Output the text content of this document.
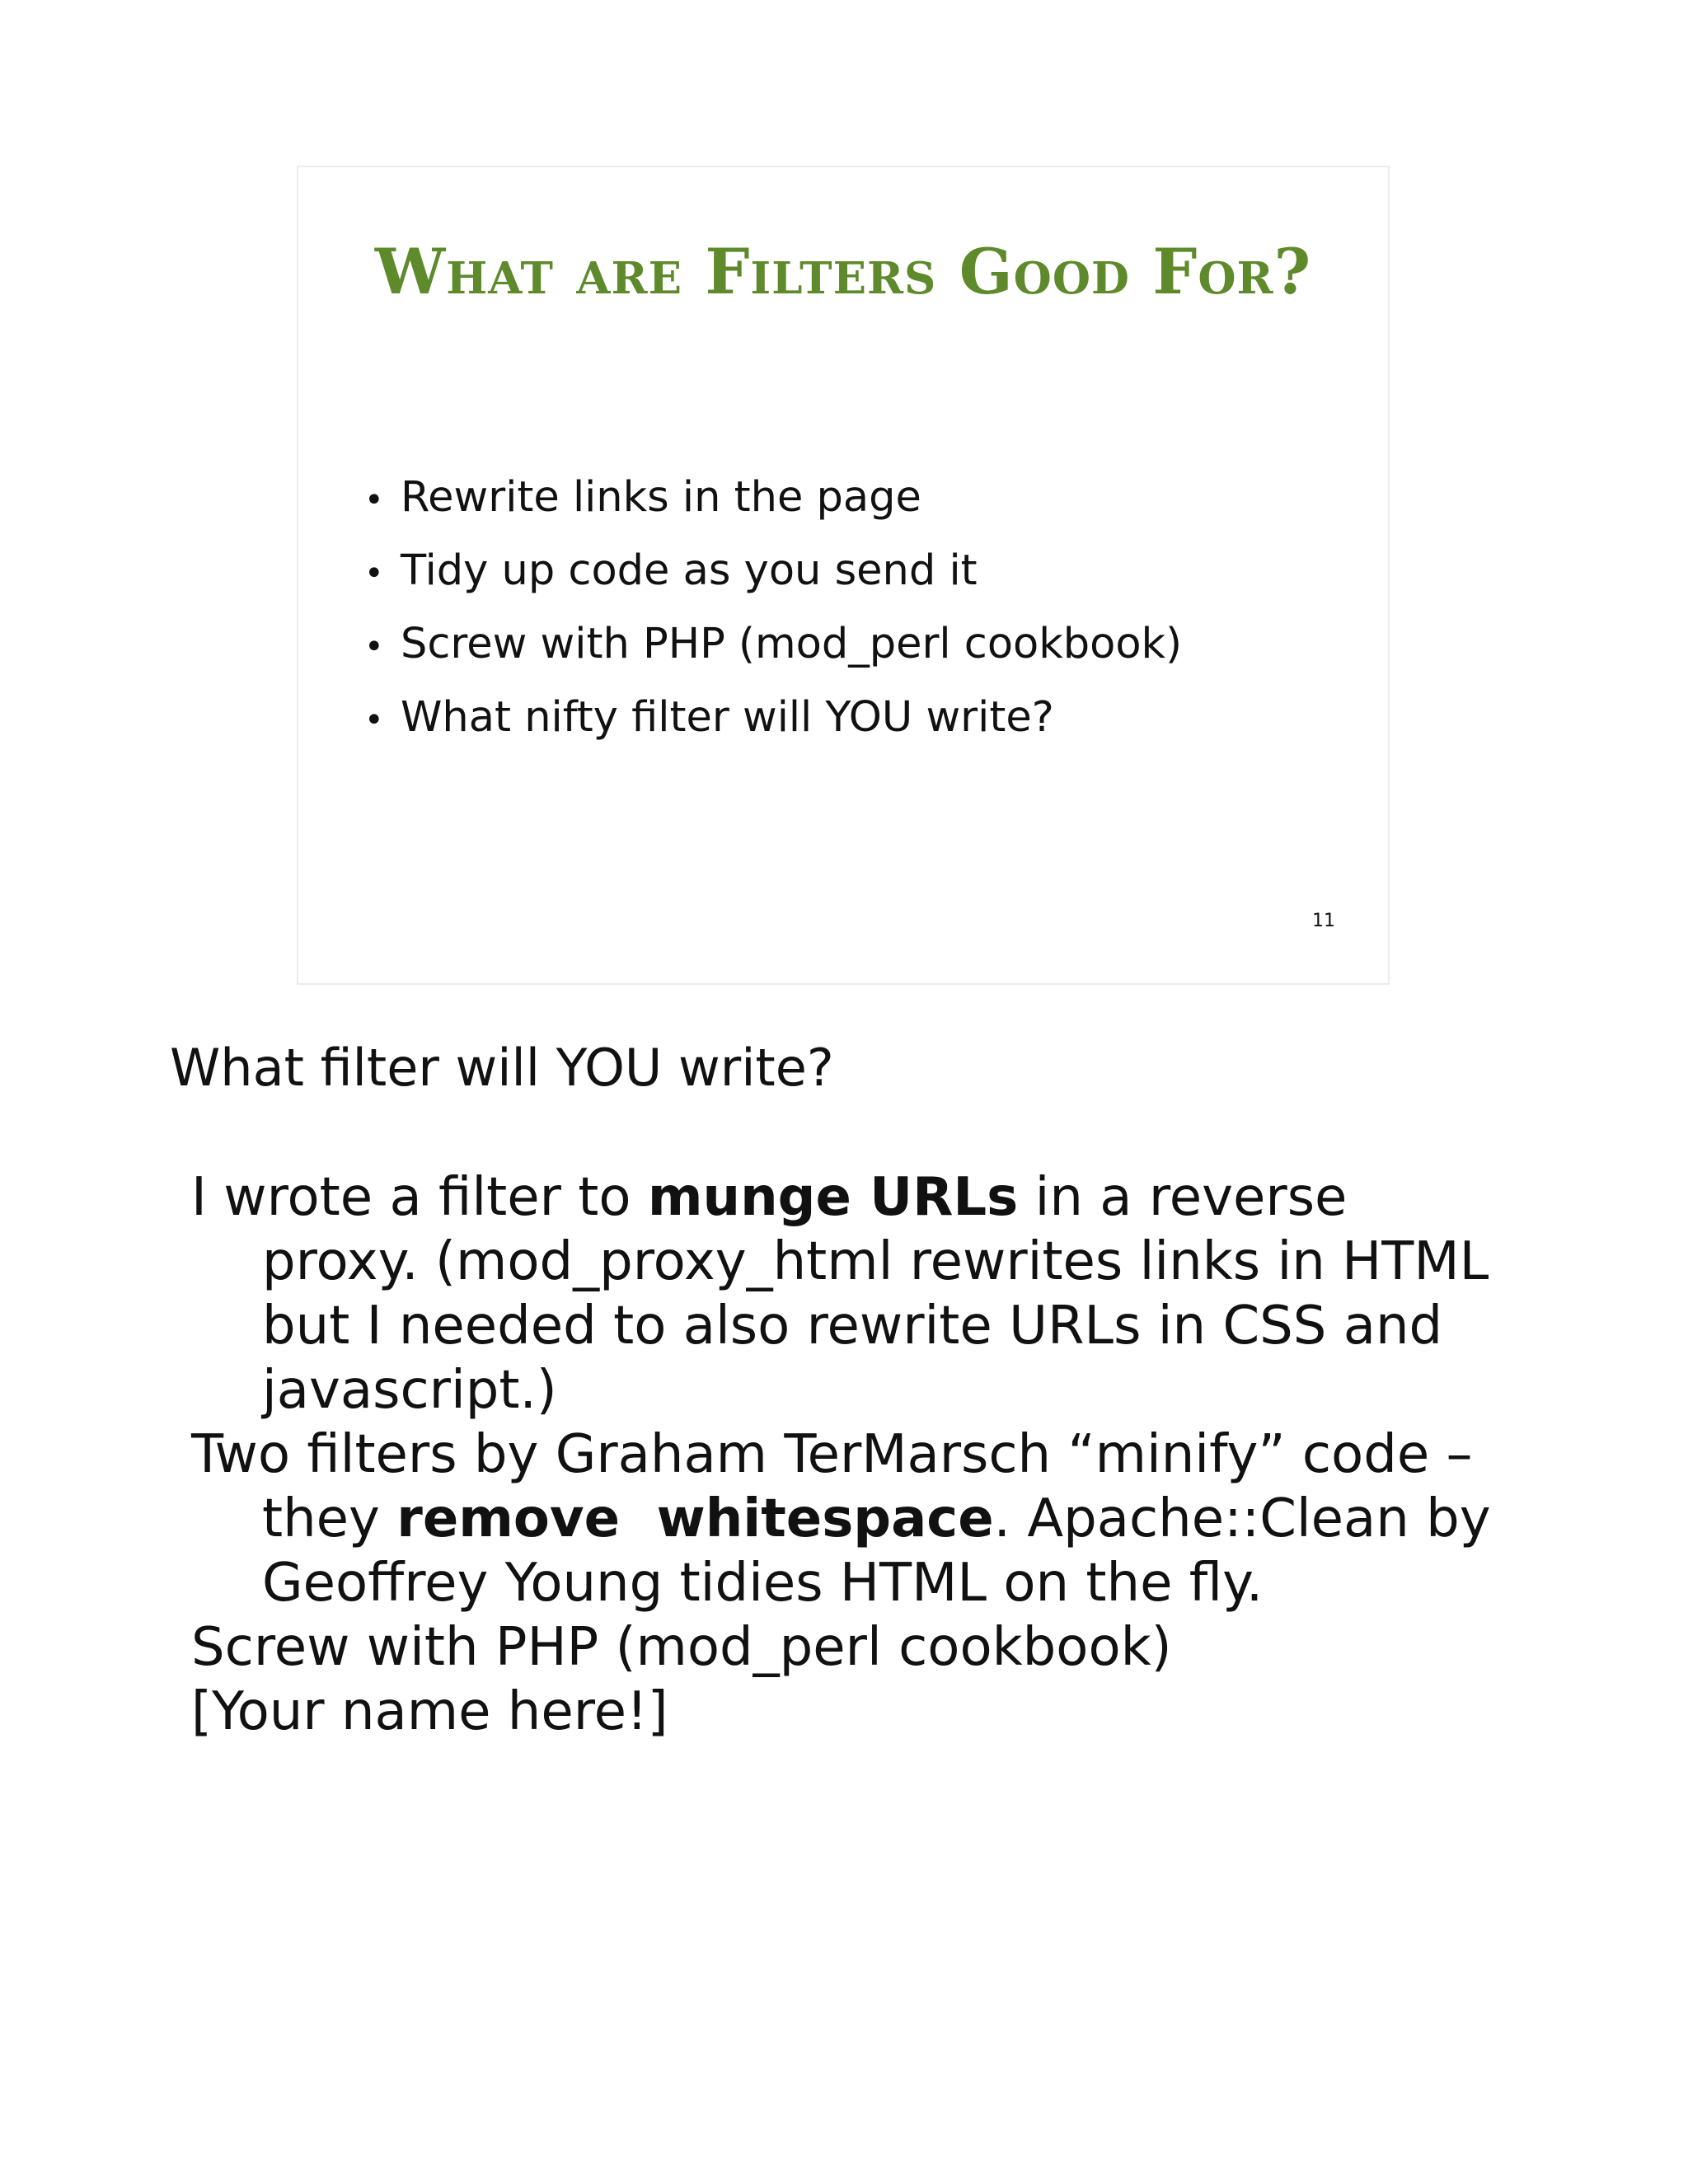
What are Filters Good For?
• Rewrite links in the page
• Tidy up code as you send it
• Screw with PHP (mod_perl cookbook)
• What nifty filter will YOU write?
11
What filter will YOU write?

I wrote a filter to munge URLs in a reverse proxy. (mod_proxy_html rewrites links in HTML but I needed to also rewrite URLs in CSS and javascript.)

Two filters by Graham TerMarsch “minify” code – they remove  whitespace. Apache::Clean by Geoffrey Young tidies HTML on the fly.

Screw with PHP (mod_perl cookbook)

[Your name here!]
